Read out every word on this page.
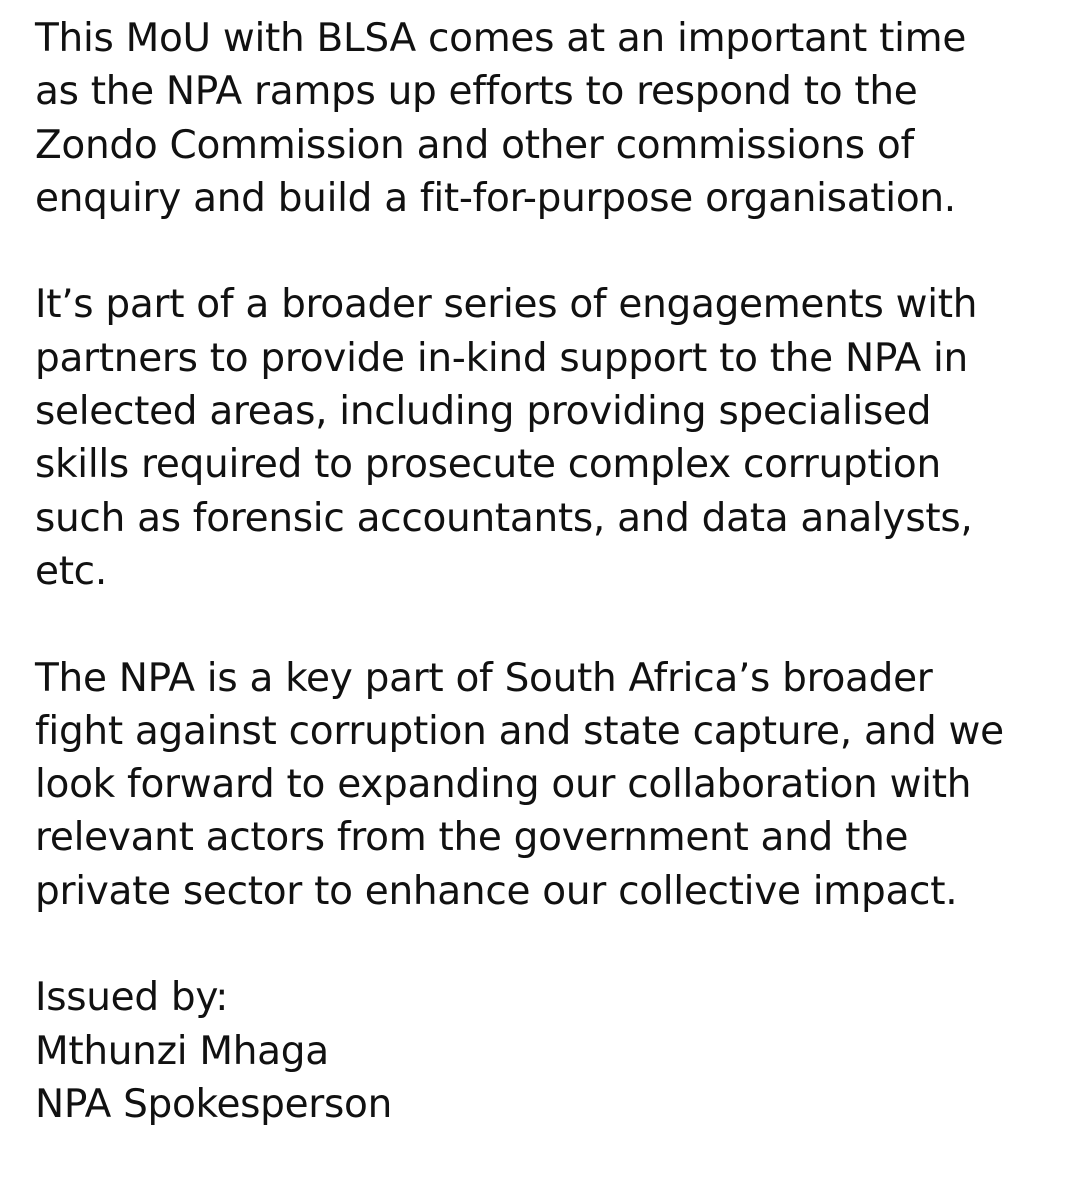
This MoU with BLSA comes at an important time
as the NPA ramps up efforts to respond to the
Zondo Commission and other commissions of
enquiry and build a fit-for-purpose organisation.
It’s part of a broader series of engagements with
partners to provide in-kind support to the NPA in
selected areas, including providing specialised
skills required to prosecute complex corruption
such as forensic accountants, and data analysts,
etc.
The NPA is a key part of South Africa’s broader
fight against corruption and state capture, and we
look forward to expanding our collaboration with
relevant actors from the government and the
private sector to enhance our collective impact.
Issued by:
Mthunzi Mhaga
NPA Spokesperson
